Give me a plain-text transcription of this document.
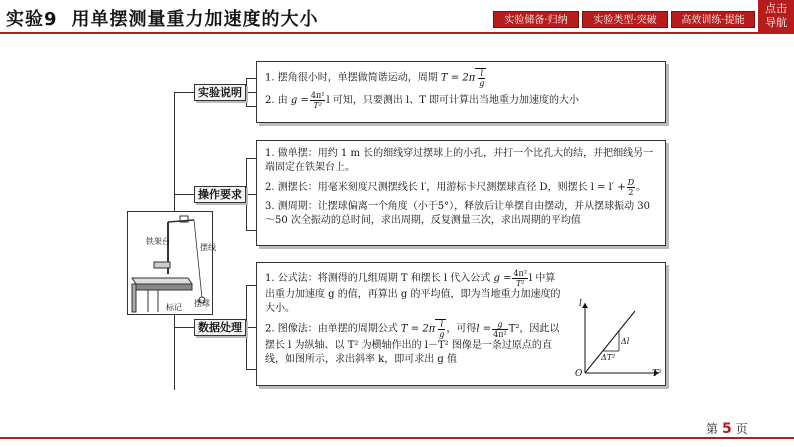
实验9 用单摆测量重力加速度的大小	实验储备·归纳	实验类型·突破	高效训练·提能
点击导航
实验说明
操作要求
数据处理
铁架台
摆线
标记 摆球

1. 摆角很小时，单摆做简谐运动，周期 $T = 2\pi \frac{l}{g}$

2. 由 $g = \frac{\text{4π²}}{\text{T²}}$ l 可知，只要测出 l、T 即可计算出当地重力加速度的大小

1. 做单摆：用约 1 m 长的细线穿过摆球上的小孔，并打一个比孔大的结，并把细线另一端固定在铁架台上。

2. 测摆长：用毫米刻度尺测摆线长 l′，用游标卡尺测摆球直径 D，则摆长 $l = l' + \frac{D}{2}$ 。

3. 测周期：让摆球偏离一个角度（小于5°），释放后让单摆自由摆动，并从摆球振动 30～50 次全振动的总时间，求出周期，反复测量三次，求出周期的平均值

1. 公式法：将测得的几组周期 T 和摆长 l 代入公式 $g = \frac{\text{4π²}}{\text{T²}}$ l 中算出重力加速度 g 的值，再算出 g 的平均值，即为当地重力加速度的大小。

2. 图像法：由单摆的周期公式 $T = 2\pi \frac{l}{g}$ ，可得$l = \frac{g}{\text{4π²}} T^2$，因此以摆长 l 为纵轴、以 T² 为横轴作出的 l－T² 图像是一条过原点的直线，如图所示，求出斜率 k，即可求出 g 值

l
T²
O
Δl
ΔT²
第 5 页
